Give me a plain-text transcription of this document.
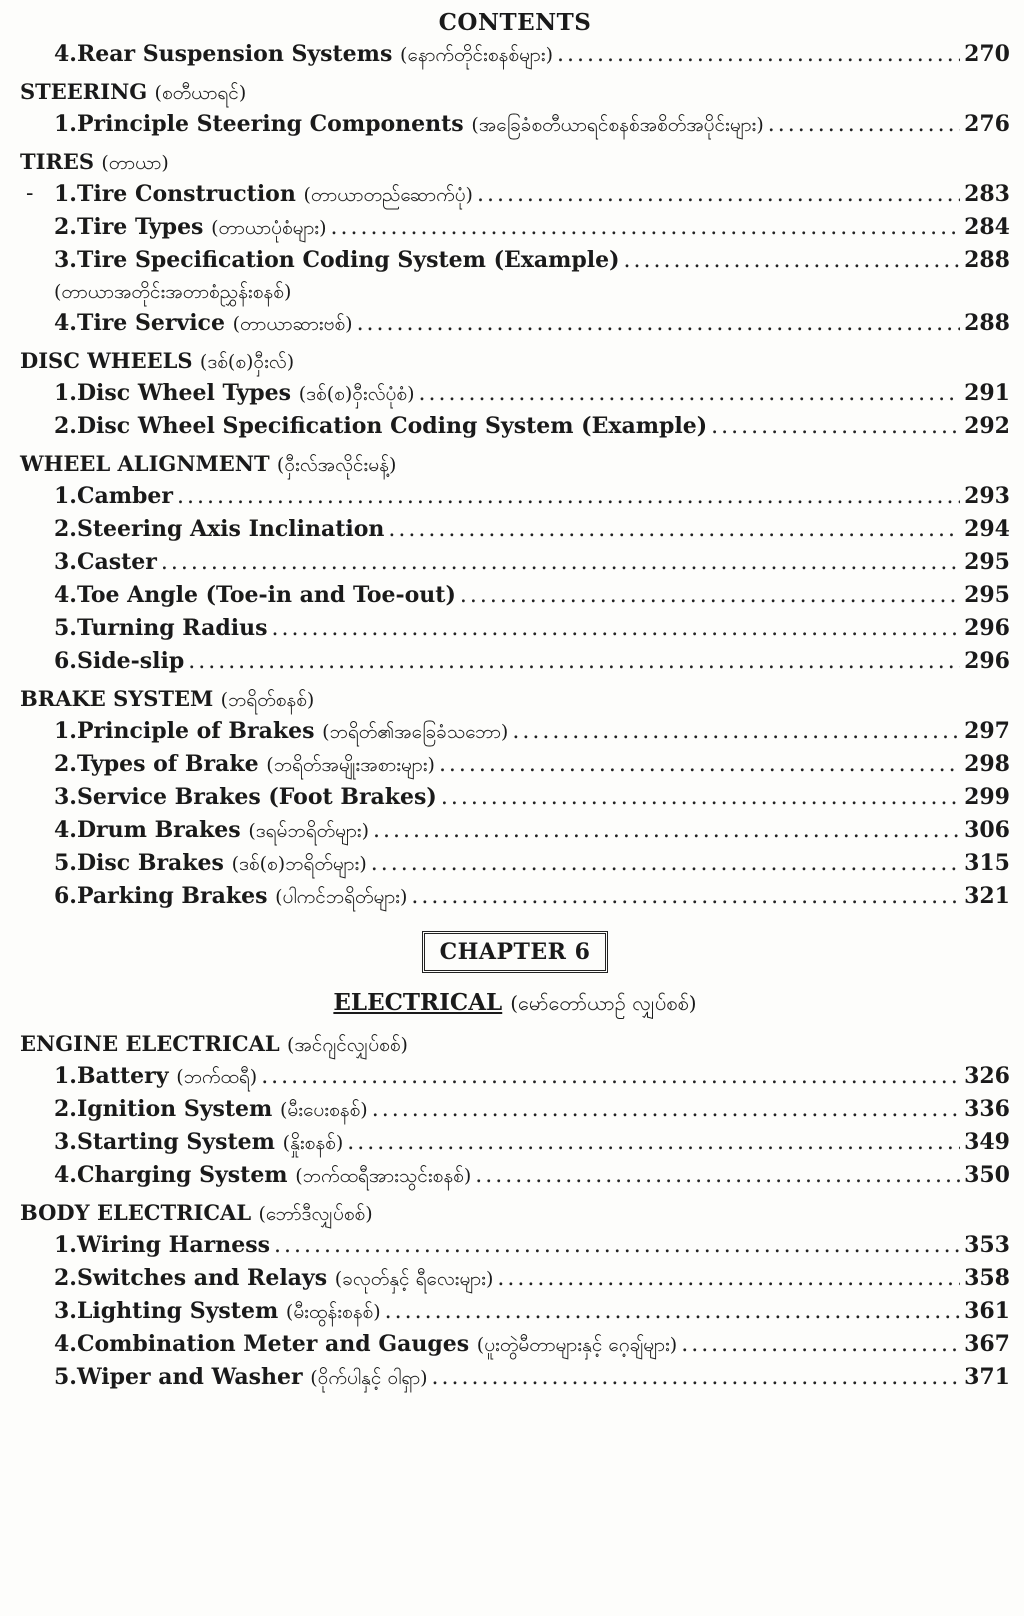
CONTENTS
4.Rear Suspension Systems (နောက်တိုင်းစနစ်များ) .....	270
STEERING (စတီယာရင်)
1.Principle Steering Components (အခြေခံစတီယာရင်စနစ်အစိတ်အပိုင်းများ) .....	276
TIRES (တာယာ)
- 1.Tire Construction (တာယာတည်ဆောက်ပုံ) .....	283
2.Tire Types (တာယာပုံစံများ) .....	284
3.Tire Specification Coding System (Example) .....	288
(တာယာအတိုင်းအတာစံညွှန်းစနစ်)
4.Tire Service (တာယာဆားဗစ်) .....	288
DISC WHEELS (ဒစ်(စ)ဝှီးလ်)
1.Disc Wheel Types (ဒစ်(စ)ဝှီးလ်ပုံစံ) .....	291
2.Disc Wheel Specification Coding System (Example) .....	292
WHEEL ALIGNMENT (ဝှီးလ်အလိုင်းမန့်)
1.Camber .....	293
2.Steering Axis Inclination .....	294
3.Caster .....	295
4.Toe Angle (Toe-in and Toe-out) .....	295
5.Turning Radius .....	296
6.Side-slip .....	296
BRAKE SYSTEM (ဘရိတ်စနစ်)
1.Principle of Brakes (ဘရိတ်၏အခြေခံသဘော) .....	297
2.Types of Brake (ဘရိတ်အမျိုးအစားများ) .....	298
3.Service Brakes (Foot Brakes) .....	299
4.Drum Brakes (ဒရမ်ဘရိတ်များ) .....	306
5.Disc Brakes (ဒစ်(စ)ဘရိတ်များ) .....	315
6.Parking Brakes (ပါကင်ဘရိတ်များ) .....	321
CHAPTER 6
ELECTRICAL (မော်တော်ယာဉ် လျှပ်စစ်)
ENGINE ELECTRICAL (အင်ဂျင်လျှပ်စစ်)
1.Battery (ဘက်ထရီ) .....	326
2.Ignition System (မီးပေးစနစ်) .....	336
3.Starting System (နှိုးစနစ်) .....	349
4.Charging System (ဘက်ထရီအားသွင်းစနစ်) .....	350
BODY ELECTRICAL (ဘော်ဒီလျှပ်စစ်)
1.Wiring Harness .....	353
2.Switches and Relays (ခလုတ်နှင့် ရီလေးများ) .....	358
3.Lighting System (မီးထွန်းစနစ်) .....	361
4.Combination Meter and Gauges (ပူးတွဲမီတာများနှင့် ဂေ့ချ်များ) .....	367
5.Wiper and Washer (ဝိုက်ပါနှင့် ဝါရှာ) .....	371
